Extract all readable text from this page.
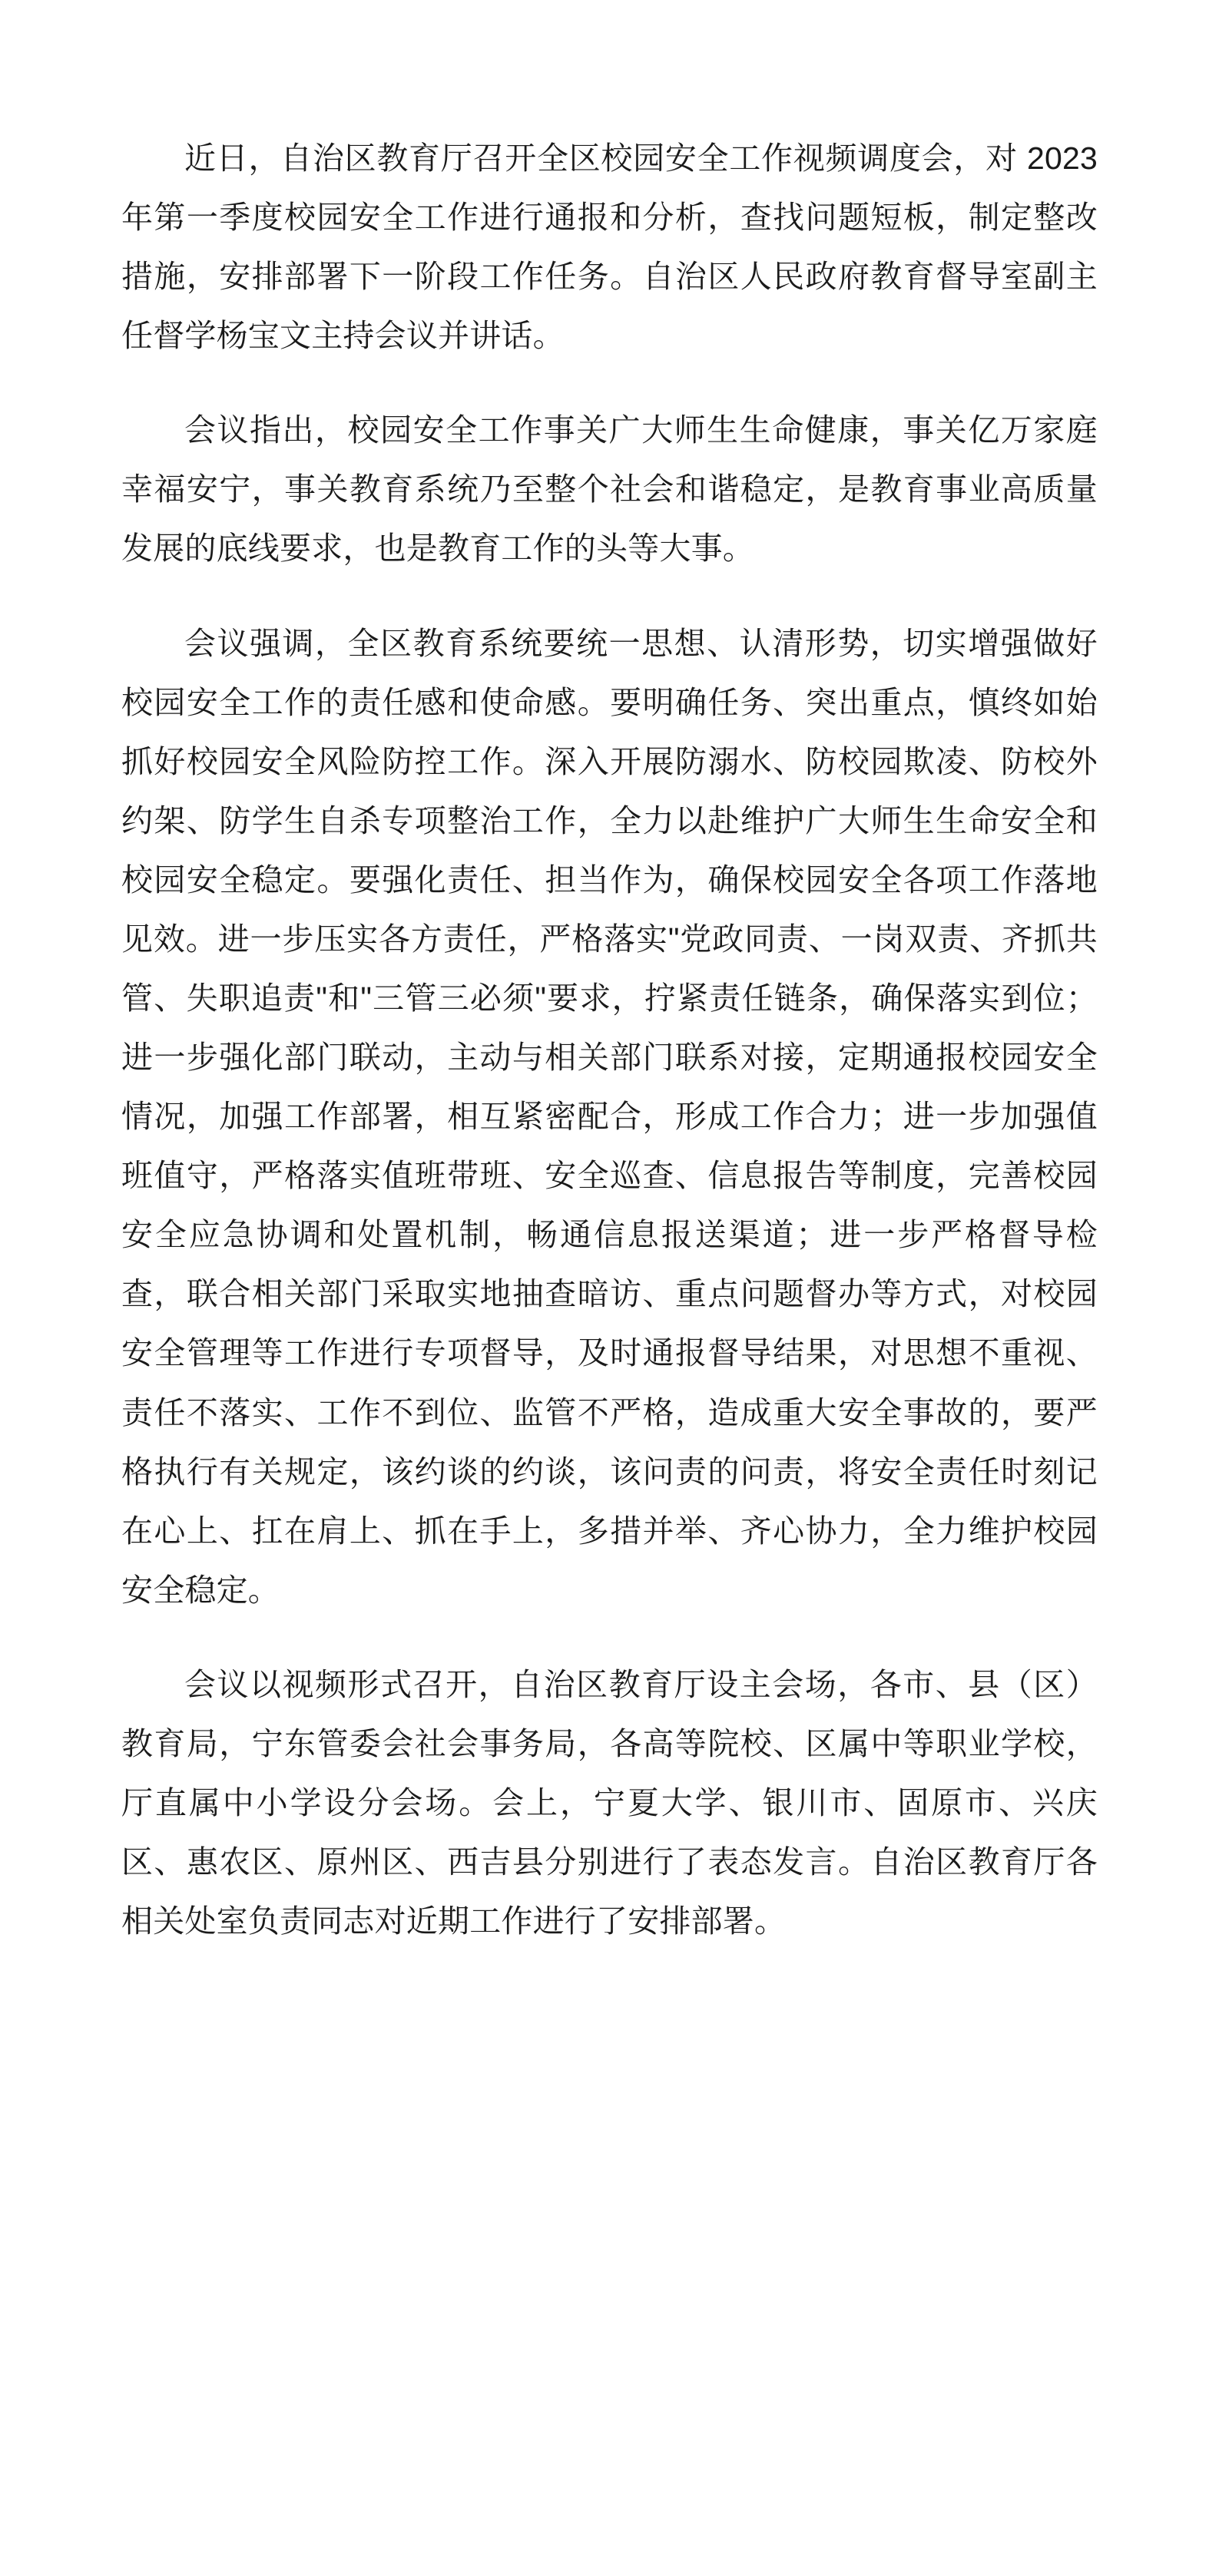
近日，自治区教育厅召开全区校园安全工作视频调度会，对 2023 年第一季度校园安全工作进行通报和分析，查找问题短板，制定整改措施，安排部署下一阶段工作任务。自治区人民政府教育督导室副主任督学杨宝文主持会议并讲话。

会议指出，校园安全工作事关广大师生生命健康，事关亿万家庭幸福安宁，事关教育系统乃至整个社会和谐稳定，是教育事业高质量发展的底线要求，也是教育工作的头等大事。

会议强调，全区教育系统要统一思想、认清形势，切实增强做好校园安全工作的责任感和使命感。要明确任务、突出重点，慎终如始抓好校园安全风险防控工作。深入开展防溺水、防校园欺凌、防校外约架、防学生自杀专项整治工作，全力以赴维护广大师生生命安全和校园安全稳定。要强化责任、担当作为，确保校园安全各项工作落地见效。进一步压实各方责任，严格落实"党政同责、一岗双责、齐抓共管、失职追责"和"三管三必须"要求，拧紧责任链条，确保落实到位；进一步强化部门联动，主动与相关部门联系对接，定期通报校园安全情况，加强工作部署，相互紧密配合，形成工作合力；进一步加强值班值守，严格落实值班带班、安全巡查、信息报告等制度，完善校园安全应急协调和处置机制，畅通信息报送渠道；进一步严格督导检查，联合相关部门采取实地抽查暗访、重点问题督办等方式，对校园安全管理等工作进行专项督导，及时通报督导结果，对思想不重视、责任不落实、工作不到位、监管不严格，造成重大安全事故的，要严格执行有关规定，该约谈的约谈，该问责的问责，将安全责任时刻记在心上、扛在肩上、抓在手上，多措并举、齐心协力，全力维护校园安全稳定。

会议以视频形式召开，自治区教育厅设主会场，各市、县（区）教育局，宁东管委会社会事务局，各高等院校、区属中等职业学校，厅直属中小学设分会场。会上，宁夏大学、银川市、固原市、兴庆区、惠农区、原州区、西吉县分别进行了表态发言。自治区教育厅各相关处室负责同志对近期工作进行了安排部署。
